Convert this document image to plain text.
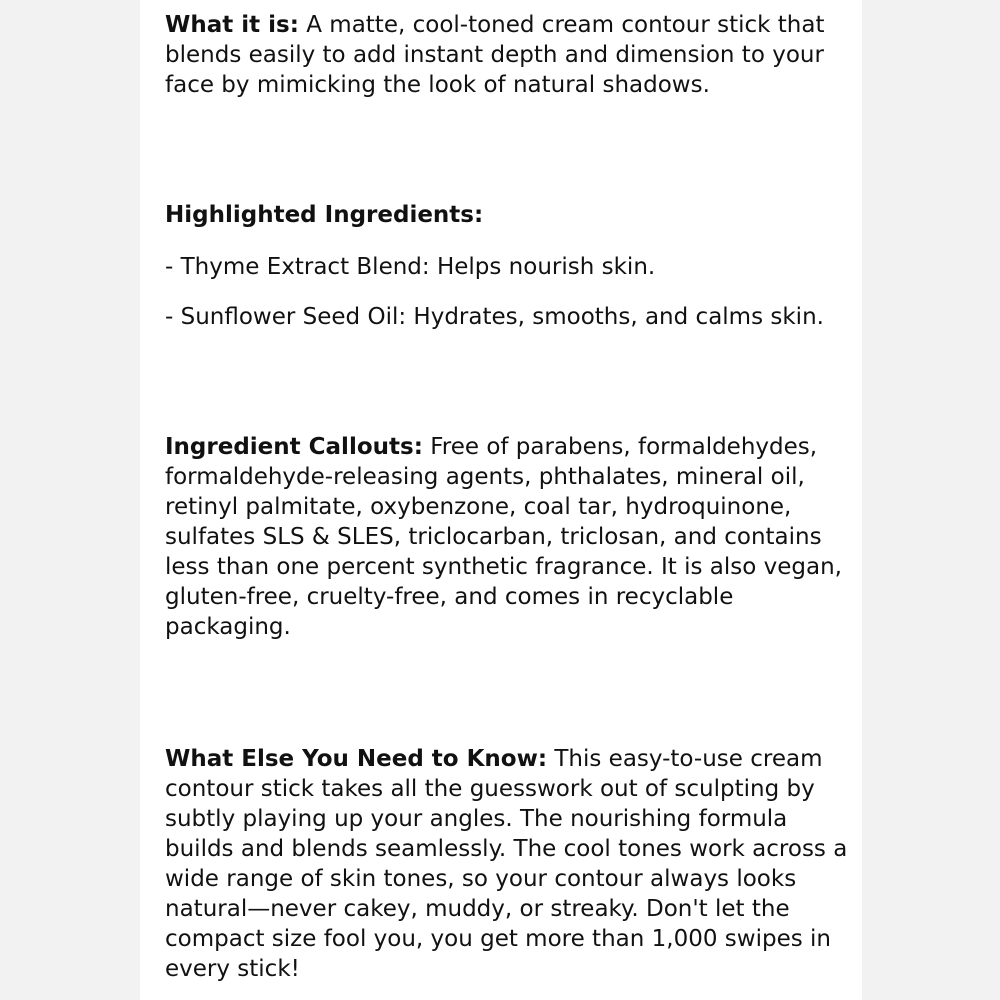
What it is: A matte, cool-toned cream contour stick that blends easily to add instant depth and dimension to your face by mimicking the look of natural shadows.

Highlighted Ingredients:

- Thyme Extract Blend: Helps nourish skin.

- Sunflower Seed Oil: Hydrates, smooths, and calms skin.

Ingredient Callouts: Free of parabens, formaldehydes, formaldehyde-releasing agents, phthalates, mineral oil, retinyl palmitate, oxybenzone, coal tar, hydroquinone, sulfates SLS & SLES, triclocarban, triclosan, and contains less than one percent synthetic fragrance. It is also vegan, gluten-free, cruelty-free, and comes in recyclable packaging.

What Else You Need to Know: This easy-to-use cream contour stick takes all the guesswork out of sculpting by subtly playing up your angles. The nourishing formula builds and blends seamlessly. The cool tones work across a wide range of skin tones, so your contour always looks natural—never cakey, muddy, or streaky. Don't let the compact size fool you, you get more than 1,000 swipes in every stick!
